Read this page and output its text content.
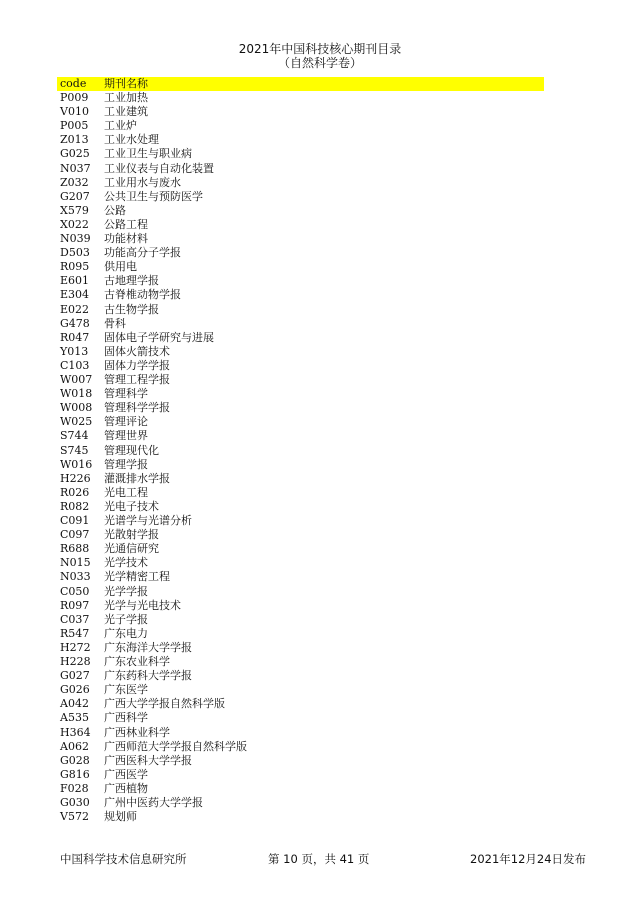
2021年中国科技核心期刊目录
（自然科学卷）
code 期刊名称
P009 工业加热
V010 工业建筑
P005 工业炉
Z013 工业水处理
G025 工业卫生与职业病
N037 工业仪表与自动化装置
Z032 工业用水与废水
G207 公共卫生与预防医学
X579 公路
X022 公路工程
N039 功能材料
D503 功能高分子学报
R095 供用电
E601 古地理学报
E304 古脊椎动物学报
E022 古生物学报
G478 骨科
R047 固体电子学研究与进展
Y013 固体火箭技术
C103 固体力学学报
W007 管理工程学报
W018 管理科学
W008 管理科学学报
W025 管理评论
S744 管理世界
S745 管理现代化
W016 管理学报
H226 灌溉排水学报
R026 光电工程
R082 光电子技术
C091 光谱学与光谱分析
C097 光散射学报
R688 光通信研究
N015 光学技术
N033 光学精密工程
C050 光学学报
R097 光学与光电技术
C037 光子学报
R547 广东电力
H272 广东海洋大学学报
H228 广东农业科学
G027 广东药科大学学报
G026 广东医学
A042 广西大学学报自然科学版
A535 广西科学
H364 广西林业科学
A062 广西师范大学学报自然科学版
G028 广西医科大学学报
G816 广西医学
F028 广西植物
G030 广州中医药大学学报
V572 规划师
中国科学技术信息研究所	第 10 页，共 41 页	2021年12月24日发布
